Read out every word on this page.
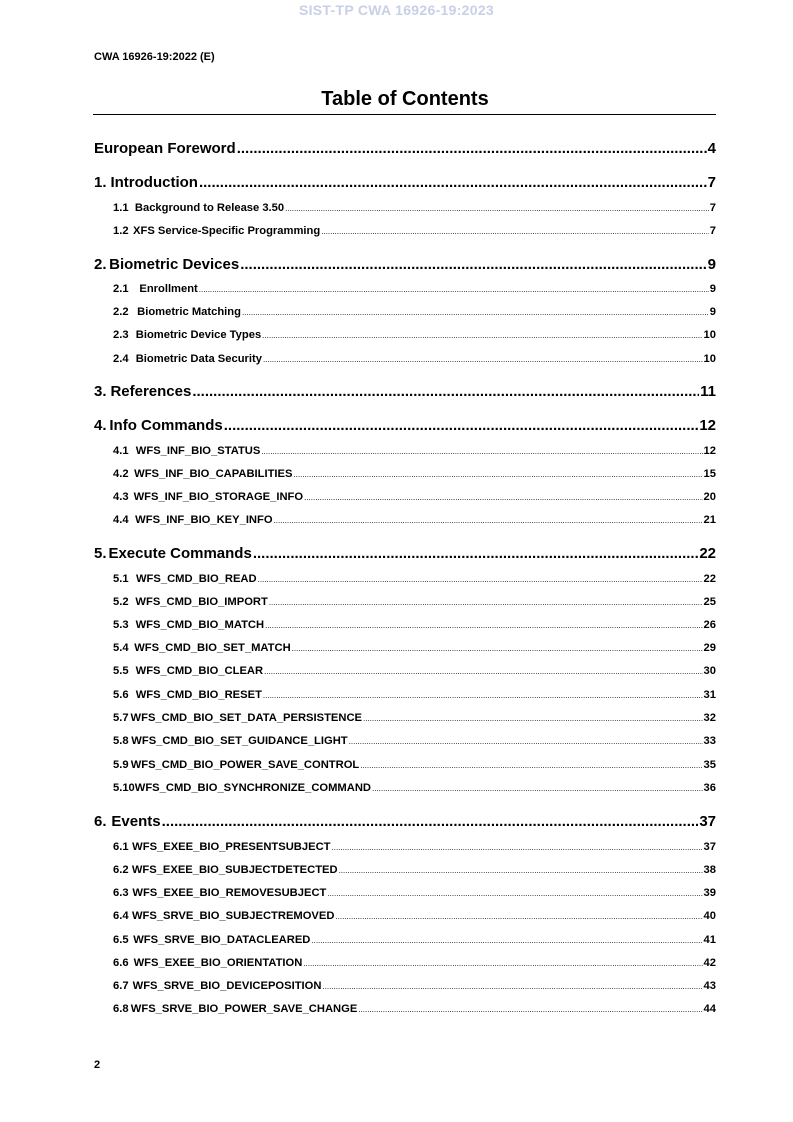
SIST-TP CWA 16926-19:2023
CWA 16926-19:2022 (E)
Table of Contents
European Foreword .....	4
1. Introduction .....	7
1.1 Background to Release 3.50 .....	7
1.2 XFS Service-Specific Programming .....	7
2. Biometric Devices .....	9
2.1 Enrollment .....	9
2.2 Biometric Matching .....	9
2.3 Biometric Device Types .....	10
2.4 Biometric Data Security .....	10
3. References .....	11
4. Info Commands .....	12
4.1 WFS_INF_BIO_STATUS .....	12
4.2 WFS_INF_BIO_CAPABILITIES .....	15
4.3 WFS_INF_BIO_STORAGE_INFO .....	20
4.4 WFS_INF_BIO_KEY_INFO .....	21
5. Execute Commands .....	22
5.1 WFS_CMD_BIO_READ .....	22
5.2 WFS_CMD_BIO_IMPORT .....	25
5.3 WFS_CMD_BIO_MATCH .....	26
5.4 WFS_CMD_BIO_SET_MATCH .....	29
5.5 WFS_CMD_BIO_CLEAR .....	30
5.6 WFS_CMD_BIO_RESET .....	31
5.7 WFS_CMD_BIO_SET_DATA_PERSISTENCE .....	32
5.8 WFS_CMD_BIO_SET_GUIDANCE_LIGHT .....	33
5.9 WFS_CMD_BIO_POWER_SAVE_CONTROL .....	35
5.10 WFS_CMD_BIO_SYNCHRONIZE_COMMAND .....	36
6. Events .....	37
6.1 WFS_EXEE_BIO_PRESENTSUBJECT .....	37
6.2 WFS_EXEE_BIO_SUBJECTDETECTED .....	38
6.3 WFS_EXEE_BIO_REMOVESUBJECT .....	39
6.4 WFS_SRVE_BIO_SUBJECTREMOVED .....	40
6.5 WFS_SRVE_BIO_DATACLEARED .....	41
6.6 WFS_EXEE_BIO_ORIENTATION .....	42
6.7 WFS_SRVE_BIO_DEVICEPOSITION .....	43
6.8 WFS_SRVE_BIO_POWER_SAVE_CHANGE .....	44
2
